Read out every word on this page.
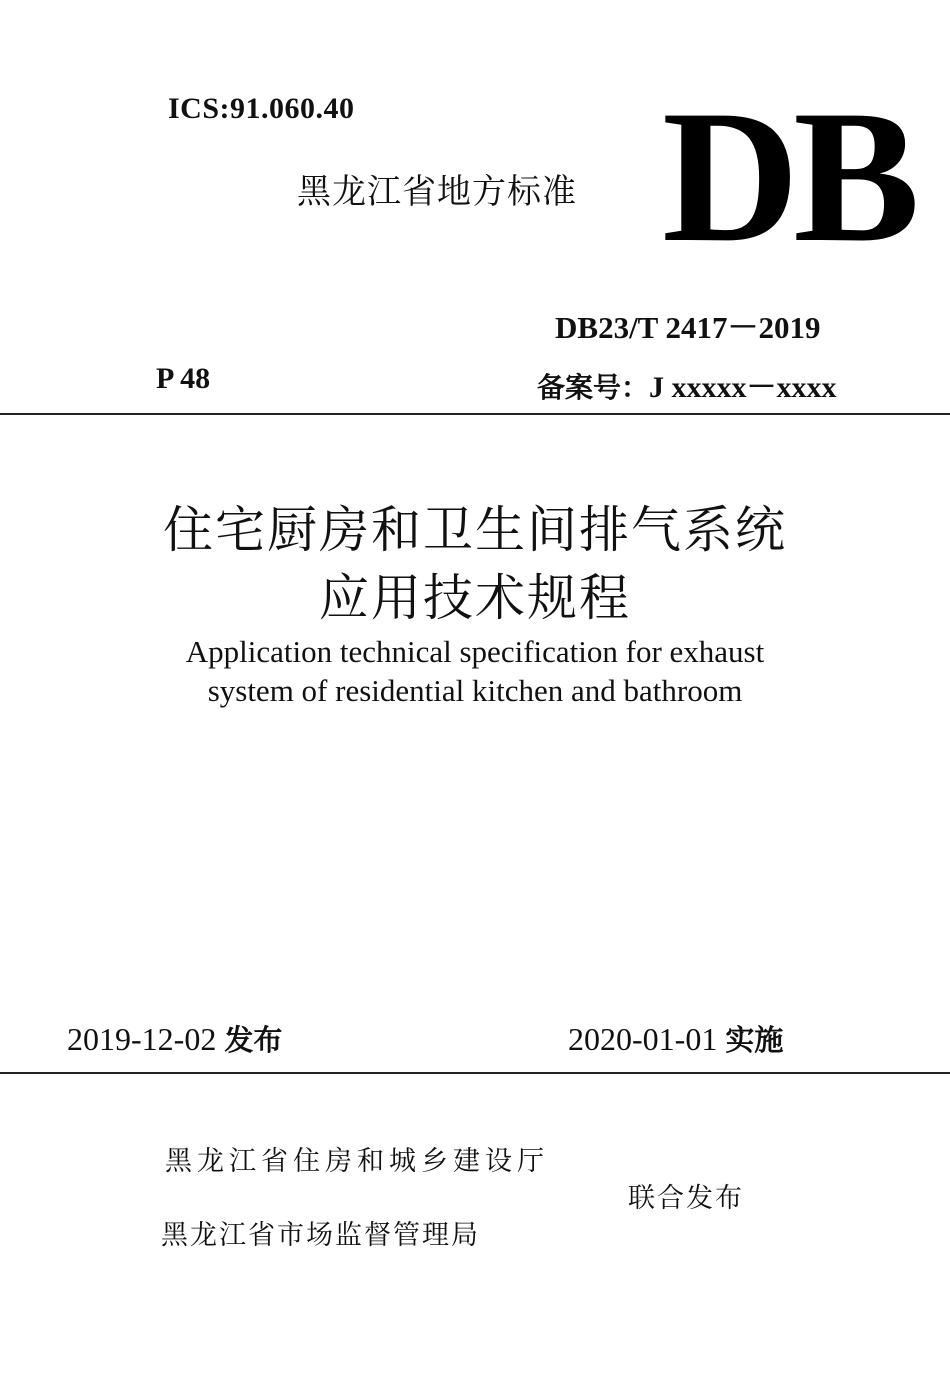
ICS:91.060.40
黑龙江省地方标准 DB
DB23/T 2417－2019
P 48	备案号：J xxxxx－xxxx
住宅厨房和卫生间排气系统
应用技术规程
Application technical specification for exhaust
system of residential kitchen and bathroom
2019-12-02 发布	2020-01-01 实施
黑龙江省住房和城乡建设厅
黑龙江省市场监督管理局
联合发布
